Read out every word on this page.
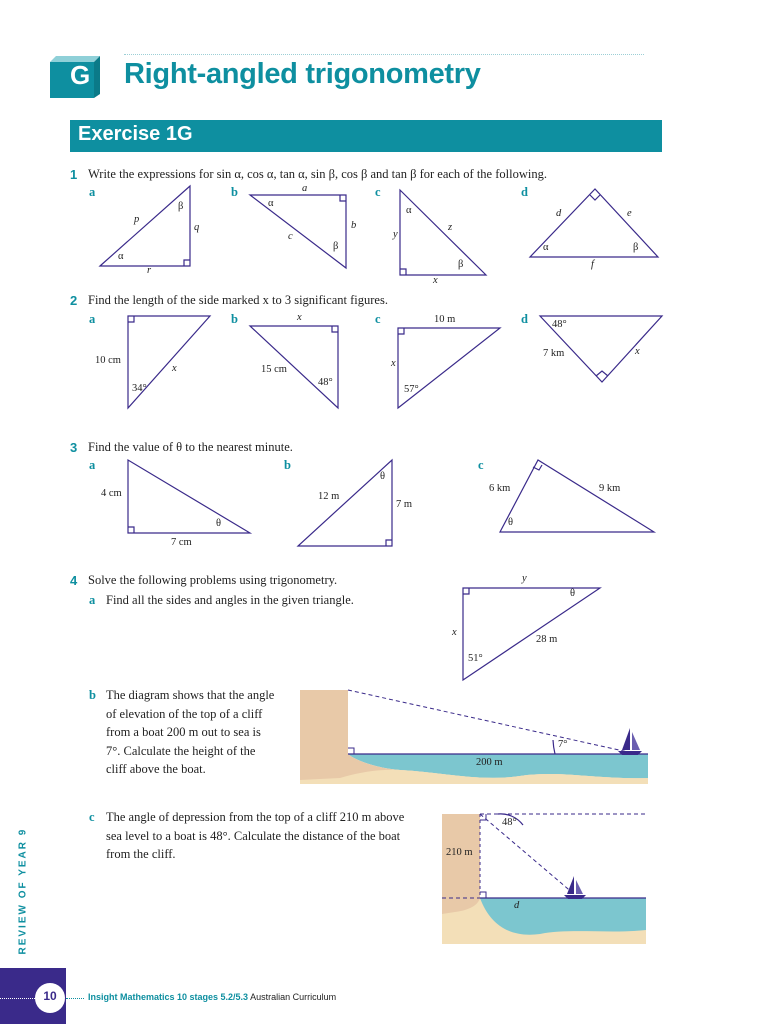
G Right-angled trigonometry
Exercise 1G
1 Write the expressions for sin α, cos α, tan α, sin β, cos β and tan β for each of the following.
a	b	c	d
p
β
q
α
r
a
α
b
c
β
α
y
z
β
x
d	e
α	β
f
2 Find the length of the side marked x to 3 significant figures.
a	b	c	d
10 cm
x
34°
x
15 cm
48°
10 m
x
57°
48°
7 km	x
3 Find the value of θ to the nearest minute.
a	b	c
4 cm
θ
7 cm
θ
12 m
7 m
6 km	9 km
θ
4 Solve the following problems using trigonometry.
a Find all the sides and angles in the given triangle.
y
θ
x
28 m
51°
b The diagram shows that the angle
of elevation of the top of a cliff
from a boat 200 m out to sea is
7°. Calculate the height of the
cliff above the boat.
7°
200 m
c The angle of depression from the top of a cliff 210 m above
sea level to a boat is 48°. Calculate the distance of the boat
from the cliff.
48°
210 m
d
REVIEW OF YEAR 9
10	Insight Mathematics 10 stages 5.2/5.3 Australian Curriculum
